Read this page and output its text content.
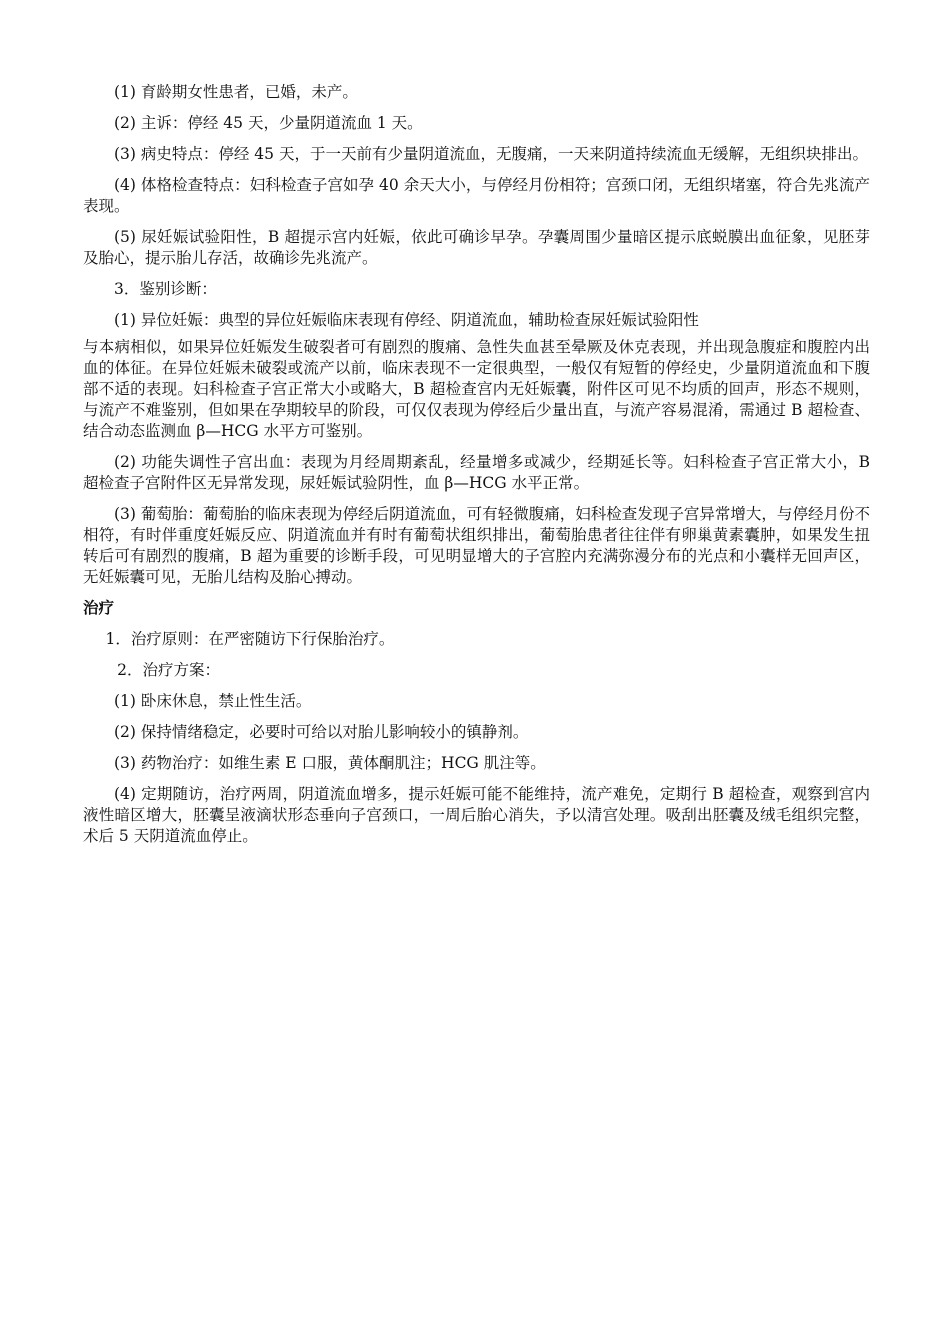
(1) 育龄期女性患者，已婚，未产。

(2) 主诉：停经 45 天，少量阴道流血 1 天。

(3) 病史特点：停经 45 天，于一天前有少量阴道流血，无腹痛，一天来阴道持续流血无缓解，无组织块排出。

(4) 体格检查特点：妇科检查子宫如孕 40 余天大小，与停经月份相符；宫颈口闭，无组织堵塞，符合先兆流产表现。

(5) 尿妊娠试验阳性，B 超提示宫内妊娠，依此可确诊早孕。孕囊周围少量暗区提示底蜕膜出血征象，见胚芽及胎心，提示胎儿存活，故确诊先兆流产。

3．鉴别诊断：

(1) 异位妊娠：典型的异位妊娠临床表现有停经、阴道流血，辅助检查尿妊娠试验阳性

与本病相似，如果异位妊娠发生破裂者可有剧烈的腹痛、急性失血甚至晕厥及休克表现，并出现急腹症和腹腔内出血的体征。在异位妊娠未破裂或流产以前，临床表现不一定很典型，一般仅有短暂的停经史，少量阴道流血和下腹部不适的表现。妇科检查子宫正常大小或略大，B 超检查宫内无妊娠囊，附件区可见不均质的回声，形态不规则，与流产不难鉴别，但如果在孕期较早的阶段，可仅仅表现为停经后少量出直，与流产容易混淆，需通过 B 超检查、结合动态监测血 β—HCG 水平方可鉴别。

(2) 功能失调性子宫出血：表现为月经周期紊乱，经量增多或减少，经期延长等。妇科检查子宫正常大小，B 超检查子宫附件区无异常发现，尿妊娠试验阴性，血 β—HCG 水平正常。

(3) 葡萄胎：葡萄胎的临床表现为停经后阴道流血，可有轻微腹痛，妇科检查发现子宫异常增大，与停经月份不相符，有时伴重度妊娠反应、阴道流血并有时有葡萄状组织排出，葡萄胎患者往往伴有卵巢黄素囊肿，如果发生扭转后可有剧烈的腹痛，B 超为重要的诊断手段，可见明显增大的子宫腔内充满弥漫分布的光点和小囊样无回声区，无妊娠囊可见，无胎儿结构及胎心搏动。

治疗

1．治疗原则：在严密随访下行保胎治疗。

2．治疗方案：

(1) 卧床休息，禁止性生活。

(2) 保持情绪稳定，必要时可给以对胎儿影响较小的镇静剂。

(3) 药物治疗：如维生素 E 口服，黄体酮肌注；HCG 肌注等。

(4) 定期随访，治疗两周，阴道流血增多，提示妊娠可能不能维持，流产难免，定期行 B 超检查，观察到宫内液性暗区增大，胚囊呈液滴状形态垂向子宫颈口，一周后胎心消失，予以清宫处理。吸刮出胚囊及绒毛组织完整，术后 5 天阴道流血停止。
